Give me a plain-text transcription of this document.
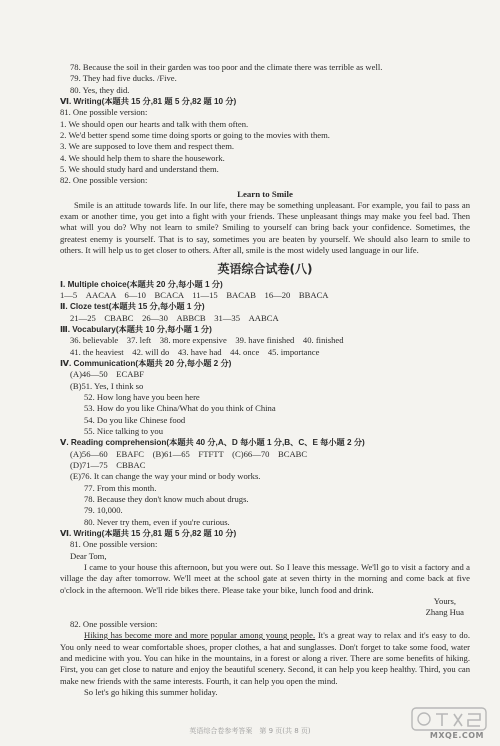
78. Because the soil in their garden was too poor and the climate there was terrible as well.
79. They had five ducks. /Five.
80. Yes, they did.
Ⅵ. Writing(本题共 15 分,81 题 5 分,82 题 10 分)
81. One possible version:
1. We should open our hearts and talk with them often.
2. We'd better spend some time doing sports or going to the movies with them.
3. We are supposed to love them and respect them.
4. We should help them to share the housework.
5. We should study hard and understand them.
82. One possible version:
Learn to Smile
Smile is an attitude towards life. In our life, there may be something unpleasant. For example, you fail to pass an exam or another time, you get into a fight with your friends. These unpleasant things may make you feel bad. Then what will you do? Why not learn to smile? Smiling to yourself can bring back your confidence. Sometimes, the greatest enemy is yourself. That is to say, sometimes you are beaten by yourself. We should also learn to smile to others. It will help us to get closer to others. After all, smile is the most widely used language in our life.
英语综合试卷(八)
Ⅰ. Multiple choice(本题共 20 分,每小题 1 分)
1—5　AACAA　6—10　BCACA　11—15　BACAB　16—20　BBACA
Ⅱ. Cloze test(本题共 15 分,每小题 1 分)
21—25　CBABC　26—30　ABBCB　31—35　AABCA
Ⅲ. Vocabulary(本题共 10 分,每小题 1 分)
36. believable　37. left　38. more expensive　39. have finished　40. finished
41. the heaviest　42. will do　43. have had　44. once　45. importance
Ⅳ. Communication(本题共 20 分,每小题 2 分)
(A)46—50　ECABF
(B)51. Yes, I think so
52. How long have you been here
53. How do you like China/What do you think of China
54. Do you like Chinese food
55. Nice talking to you
Ⅴ. Reading comprehension(本题共 40 分,A、D 每小题 1 分,B、C、E 每小题 2 分)
(A)56—60　EBAFC　(B)61—65　FTFTT　(C)66—70　BCABC
(D)71—75　CBBAC
(E)76. It can change the way your mind or body works.
77. From this month.
78. Because they don't know much about drugs.
79. 10,000.
80. Never try them, even if you're curious.
Ⅵ. Writing(本题共 15 分,81 题 5 分,82 题 10 分)
81. One possible version:
Dear Tom,
I came to your house this afternoon, but you were out. So I leave this message. We'll go to visit a factory and a village the day after tomorrow. We'll meet at the school gate at seven thirty in the morning and come back at five o'clock in the afternoon. We'll ride bikes there. Please take your bike, lunch food and drink.
Yours,
Zhang Hua
82. One possible version:
Hiking has become more and more popular among young people. It's a great way to relax and it's easy to do. You only need to wear comfortable shoes, proper clothes, a hat and sunglasses. Don't forget to take some food, water and medicine with you. You can hike in the mountains, in a forest or along a river. There are some benefits of hiking. First, you can get close to nature and enjoy the beautiful scenery. Second, it can help you keep healthy. Third, you can make new friends with the same interests. Fourth, it can help you open the mind.
So let's go hiking this summer holiday.
英语综合卷参考答案　第 9 页(共 8 页)	MXQE.COM
